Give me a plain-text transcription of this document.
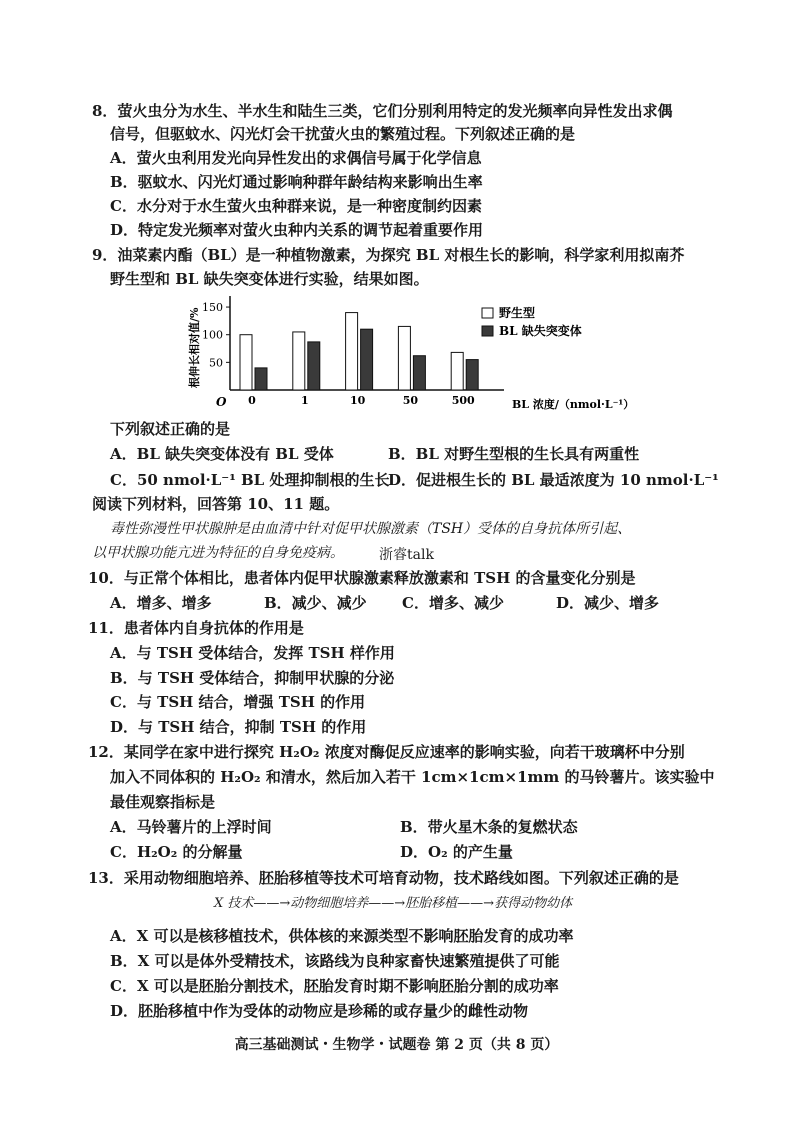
8．萤火虫分为水生、半水生和陆生三类，它们分别利用特定的发光频率向异性发出求偶
信号，但驱蚊水、闪光灯会干扰萤火虫的繁殖过程。下列叙述正确的是
A．萤火虫利用发光向异性发出的求偶信号属于化学信息
B．驱蚊水、闪光灯通过影响种群年龄结构来影响出生率
C．水分对于水生萤火虫种群来说，是一种密度制约因素
D．特定发光频率对萤火虫种内关系的调节起着重要作用
9．油菜素内酯（BL）是一种植物激素，为探究 BL 对根生长的影响，科学家利用拟南芥
野生型和 BL 缺失突变体进行实验，结果如图。
50
100
150
O
根伸长相对值/%
0	1	10	50	500	BL 浓度/（nmol·L⁻¹）
野生型
BL 缺失突变体
下列叙述正确的是
A．BL 缺失突变体没有 BL 受体	B．BL 对野生型根的生长具有两重性
C．50 nmol·L⁻¹ BL 处理抑制根的生长
D．促进根生长的 BL 最适浓度为 10 nmol·L⁻¹
阅读下列材料，回答第 10、11 题。
毒性弥漫性甲状腺肿是由血清中针对促甲状腺激素（TSH）受体的自身抗体所引起、
以甲状腺功能亢进为特征的自身免疫病。	浙睿talk
10．与正常个体相比，患者体内促甲状腺激素释放激素和 TSH 的含量变化分别是
A．增多、增多	B．减少、减少 C．增多、减少	D．减少、增多
11．患者体内自身抗体的作用是
A．与 TSH 受体结合，发挥 TSH 样作用
B．与 TSH 受体结合，抑制甲状腺的分泌
C．与 TSH 结合，增强 TSH 的作用
D．与 TSH 结合，抑制 TSH 的作用
12．某同学在家中进行探究 H₂O₂ 浓度对酶促反应速率的影响实验，向若干玻璃杯中分别
加入不同体积的 H₂O₂ 和清水，然后加入若干 1cm×1cm×1mm 的马铃薯片。该实验中
最佳观察指标是
A．马铃薯片的上浮时间	B．带火星木条的复燃状态
C．H₂O₂ 的分解量	D．O₂ 的产生量
13．采用动物细胞培养、胚胎移植等技术可培育动物，技术路线如图。下列叙述正确的是
X 技术——→动物细胞培养——→胚胎移植——→获得动物幼体
A．X 可以是核移植技术，供体核的来源类型不影响胚胎发育的成功率
B．X 可以是体外受精技术，该路线为良种家畜快速繁殖提供了可能
C．X 可以是胚胎分割技术，胚胎发育时期不影响胚胎分割的成功率
D．胚胎移植中作为受体的动物应是珍稀的或存量少的雌性动物
高三基础测试・生物学・试题卷 第 2 页（共 8 页）
